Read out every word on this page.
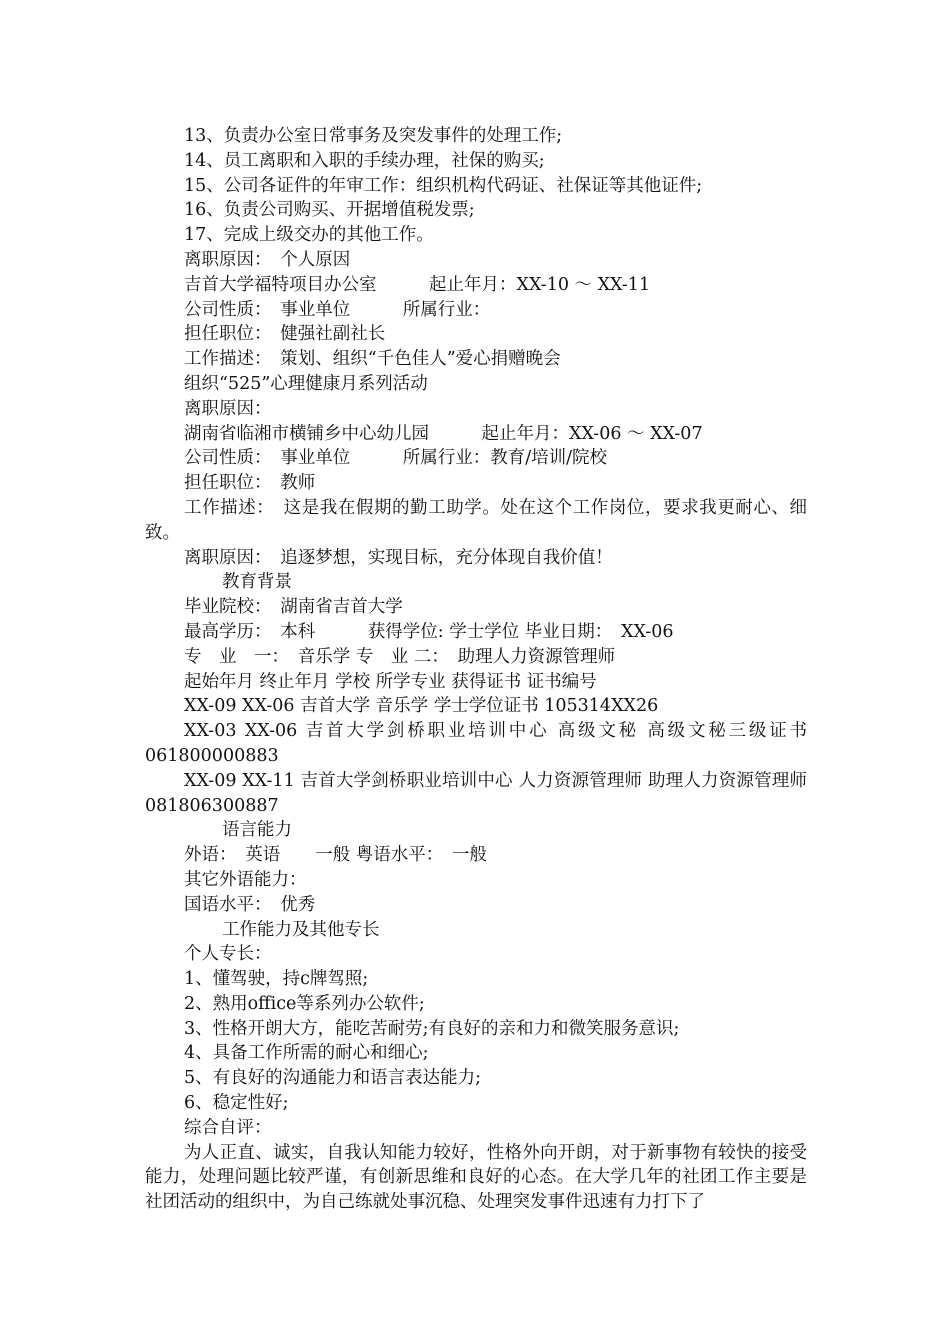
13、负责办公室日常事务及突发事件的处理工作;
14、员工离职和入职的手续办理，社保的购买;
15、公司各证件的年审工作：组织机构代码证、社保证等其他证件;
16、负责公司购买、开据增值税发票;
17、完成上级交办的其他工作。
离职原因：　个人原因
吉首大学福特项目办公室　　　起止年月：XX-10 ～ XX-11
公司性质：　事业单位　　　所属行业：
担任职位：　健强社副社长
工作描述：　策划、组织“千色佳人”爱心捐赠晚会
组织“525”心理健康月系列活动
离职原因：
湖南省临湘市横铺乡中心幼儿园　　　起止年月：XX-06 ～ XX-07
公司性质：　事业单位　　　所属行业：教育/培训/院校
担任职位：　教师
工作描述：　这是我在假期的勤工助学。处在这个工作岗位，要求我更耐心、细致。
离职原因：　追逐梦想，实现目标，充分体现自我价值！
教育背景
毕业院校：　湖南省吉首大学
最高学历：　本科　　　获得学位: 学士学位 毕业日期：　XX-06
专　业　一：　音乐学 专　业 二：　助理人力资源管理师
起始年月 终止年月 学校 所学专业 获得证书 证书编号
XX-09 XX-06 吉首大学 音乐学 学士学位证书 105314XX26
XX-03 XX-06 吉首大学剑桥职业培训中心 高级文秘 高级文秘三级证书 061800000883
XX-09 XX-11 吉首大学剑桥职业培训中心 人力资源管理师 助理人力资源管理师 081806300887
语言能力
外语：　英语　　一般 粤语水平：　一般
其它外语能力：
国语水平：　优秀
工作能力及其他专长
个人专长：
1、懂驾驶，持c牌驾照;
2、熟用office等系列办公软件;
3、性格开朗大方，能吃苦耐劳;有良好的亲和力和微笑服务意识;
4、具备工作所需的耐心和细心;
5、有良好的沟通能力和语言表达能力;
6、稳定性好;
综合自评：
为人正直、诚实，自我认知能力较好，性格外向开朗，对于新事物有较快的接受能力，处理问题比较严谨，有创新思维和良好的心态。在大学几年的社团工作主要是社团活动的组织中，为自己练就处事沉稳、处理突发事件迅速有力打下了
